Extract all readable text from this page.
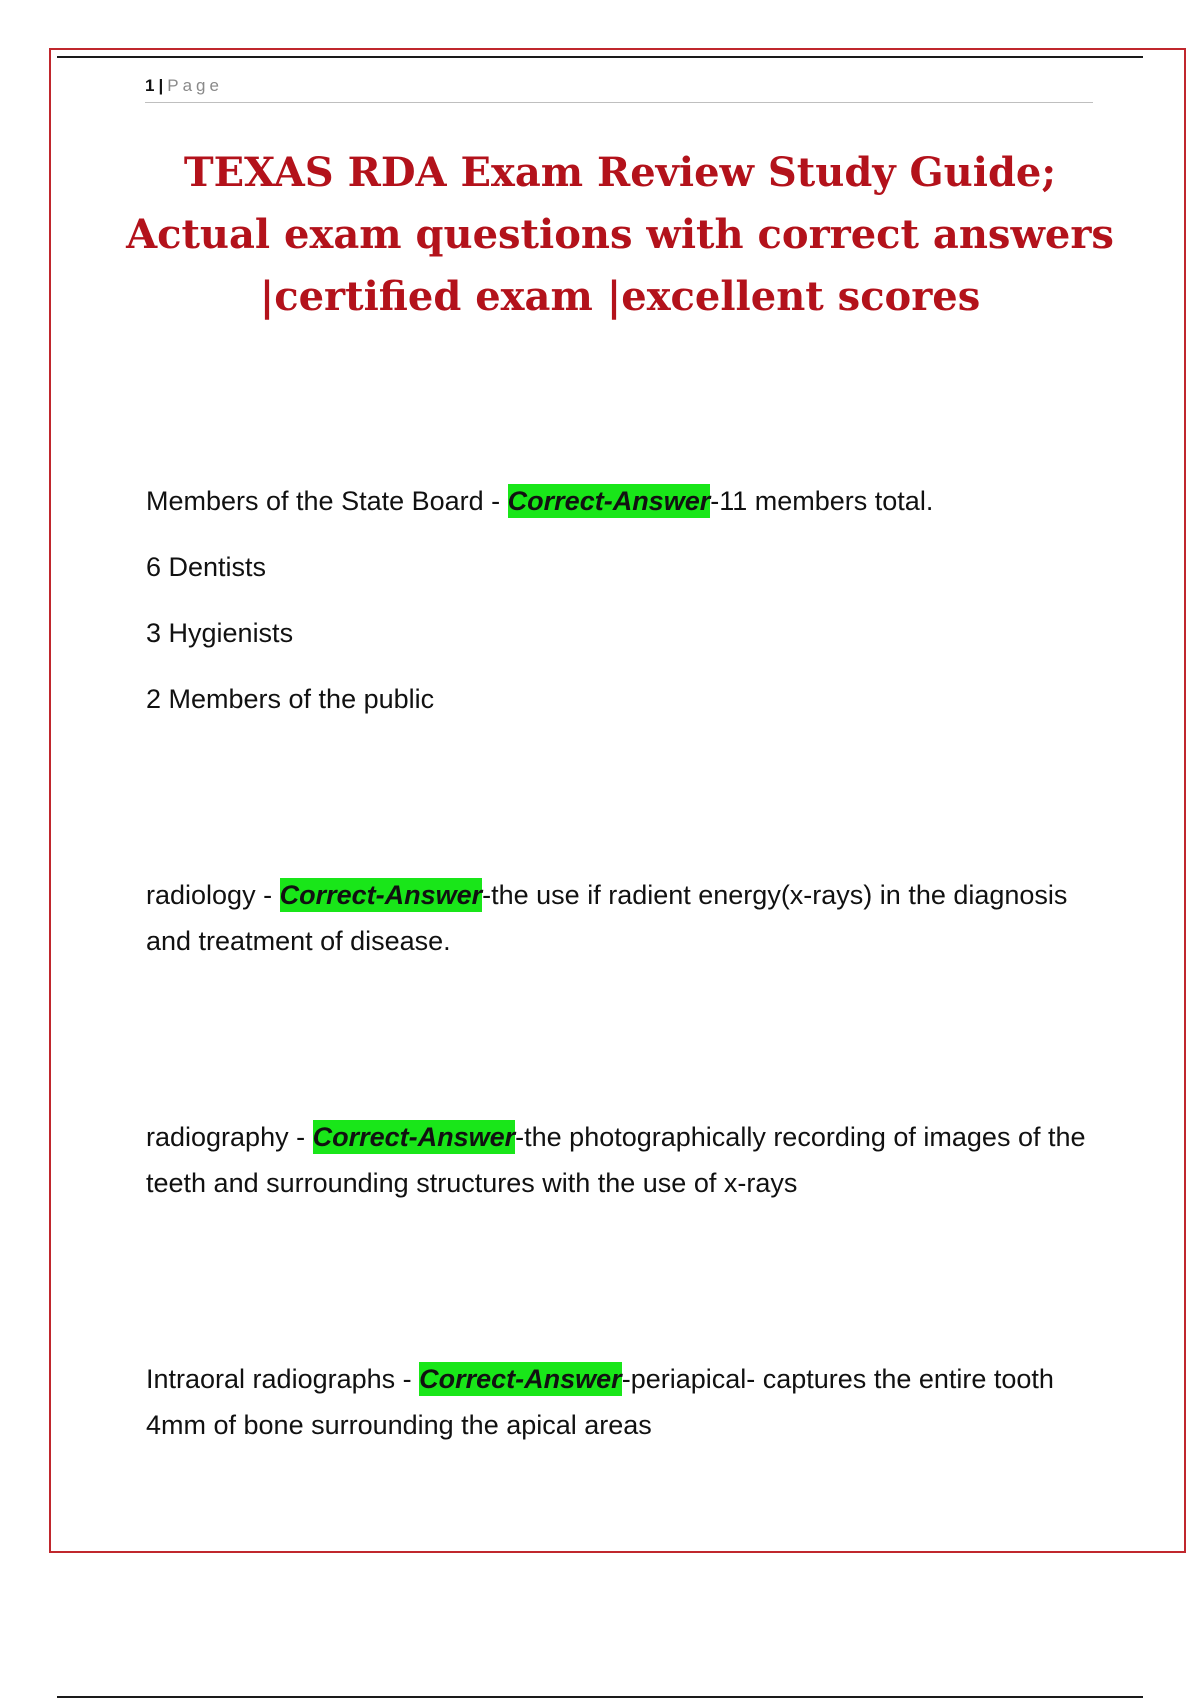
1 | Page
TEXAS RDA Exam Review Study Guide;
Actual exam questions with correct answers
|certified exam |excellent scores

Members of the State Board - Correct-Answer-11 members total.

6 Dentists

3 Hygienists

2 Members of the public

radiology - Correct-Answer-the use if radient energy(x-rays) in the diagnosis and treatment of disease.

radiography - Correct-Answer-the photographically recording of images of the teeth and surrounding structures with the use of x-rays

Intraoral radiographs - Correct-Answer-periapical- captures the entire tooth 4mm of bone surrounding the apical areas
